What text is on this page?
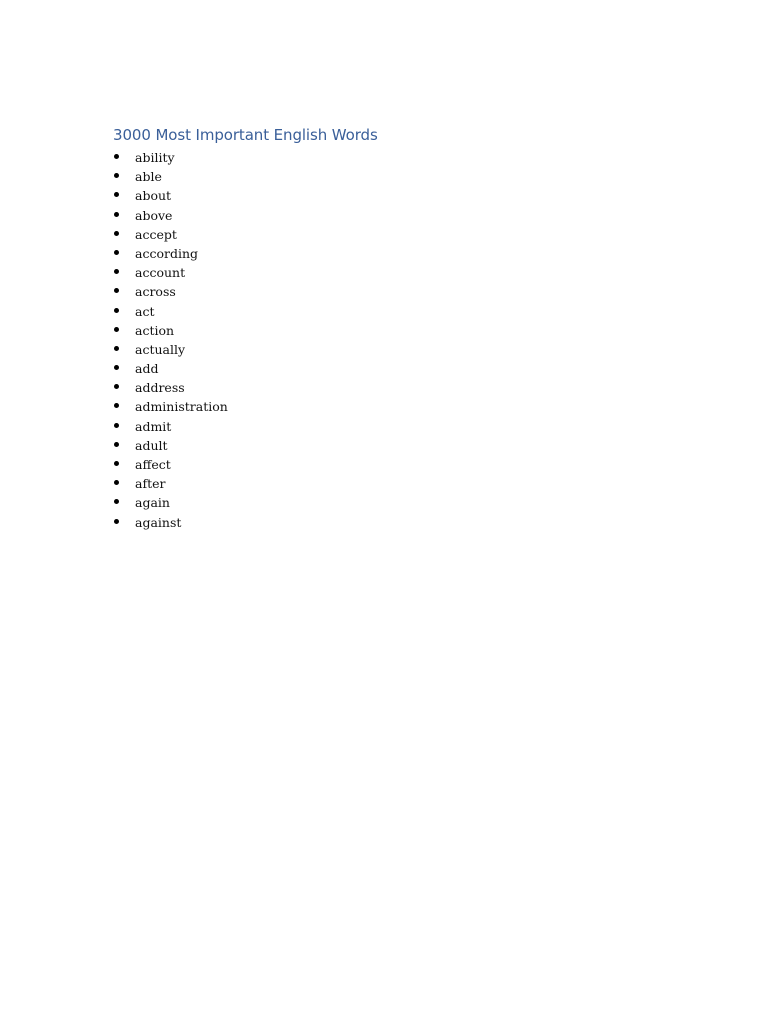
3000 Most Important English Words
ability
able
about
above
accept
according
account
across
act
action
actually
add
address
administration
admit
adult
affect
after
again
against
